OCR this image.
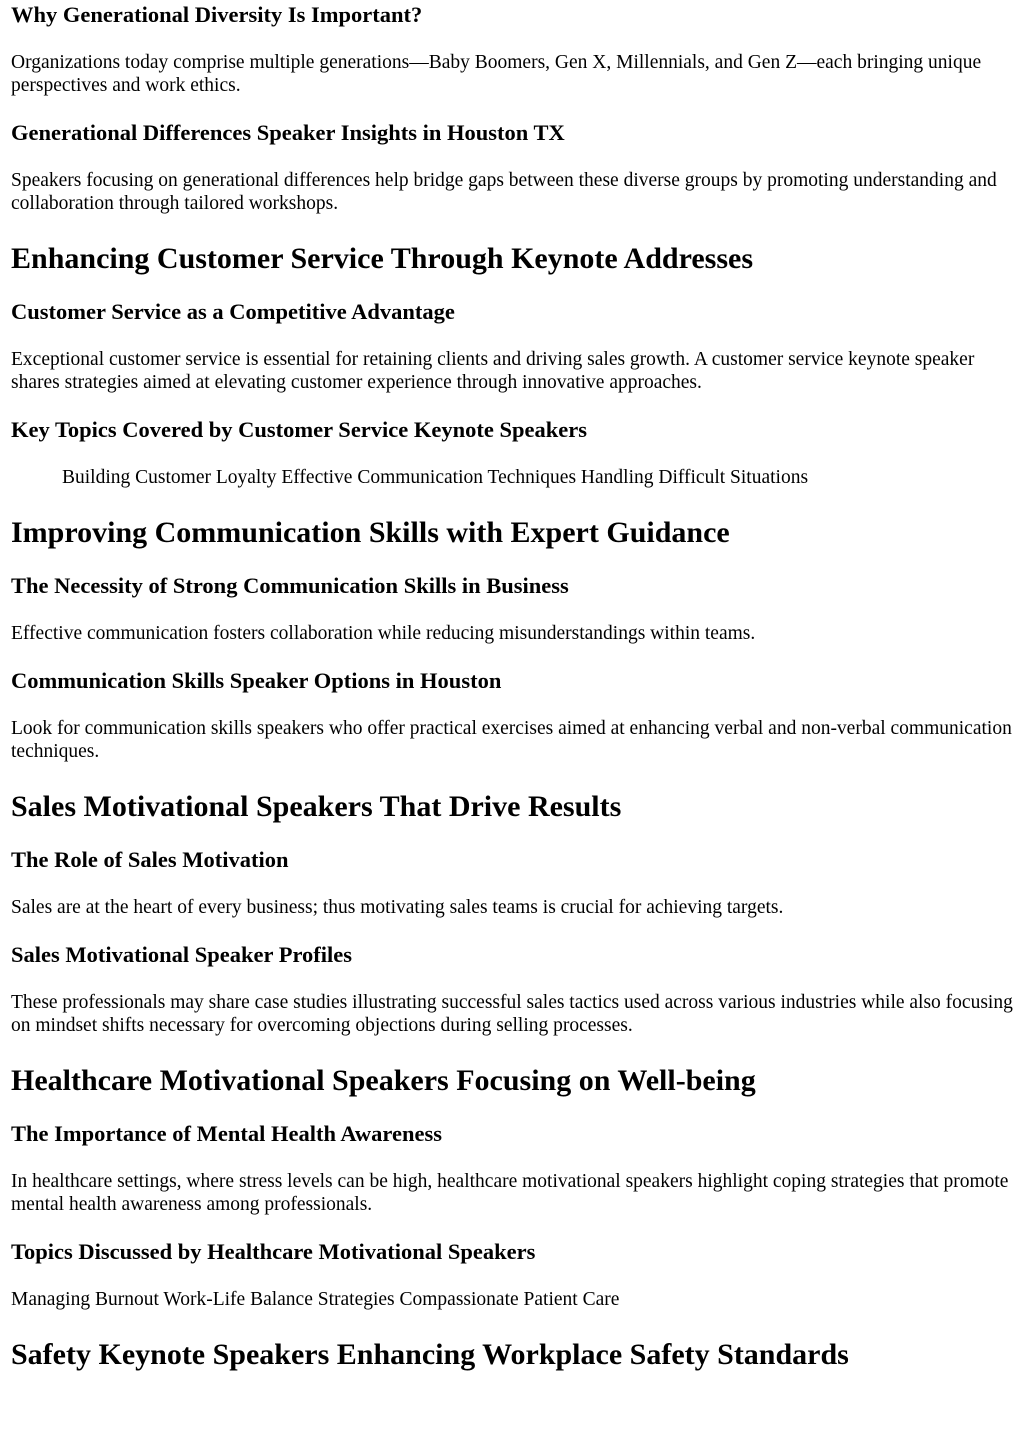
Why Generational Diversity Is Important?

Organizations today comprise multiple generations—Baby Boomers, Gen X, Millennials, and Gen Z—each bringing unique perspectives and work ethics.

Generational Differences Speaker Insights in Houston TX

Speakers focusing on generational differences help bridge gaps between these diverse groups by promoting understanding and collaboration through tailored workshops.

Enhancing Customer Service Through Keynote Addresses
Customer Service as a Competitive Advantage

Exceptional customer service is essential for retaining clients and driving sales growth. A customer service keynote speaker shares strategies aimed at elevating customer experience through innovative approaches.

Key Topics Covered by Customer Service Keynote Speakers

Building Customer Loyalty Effective Communication Techniques Handling Difficult Situations

Improving Communication Skills with Expert Guidance
The Necessity of Strong Communication Skills in Business

Effective communication fosters collaboration while reducing misunderstandings within teams.

Communication Skills Speaker Options in Houston

Look for communication skills speakers who offer practical exercises aimed at enhancing verbal and non-verbal communication techniques.

Sales Motivational Speakers That Drive Results
The Role of Sales Motivation

Sales are at the heart of every business; thus motivating sales teams is crucial for achieving targets.

Sales Motivational Speaker Profiles

These professionals may share case studies illustrating successful sales tactics used across various industries while also focusing on mindset shifts necessary for overcoming objections during selling processes.

Healthcare Motivational Speakers Focusing on Well-being
The Importance of Mental Health Awareness

In healthcare settings, where stress levels can be high, healthcare motivational speakers highlight coping strategies that promote mental health awareness among professionals.

Topics Discussed by Healthcare Motivational Speakers

Managing Burnout Work-Life Balance Strategies Compassionate Patient Care

Safety Keynote Speakers Enhancing Workplace Safety Standards
